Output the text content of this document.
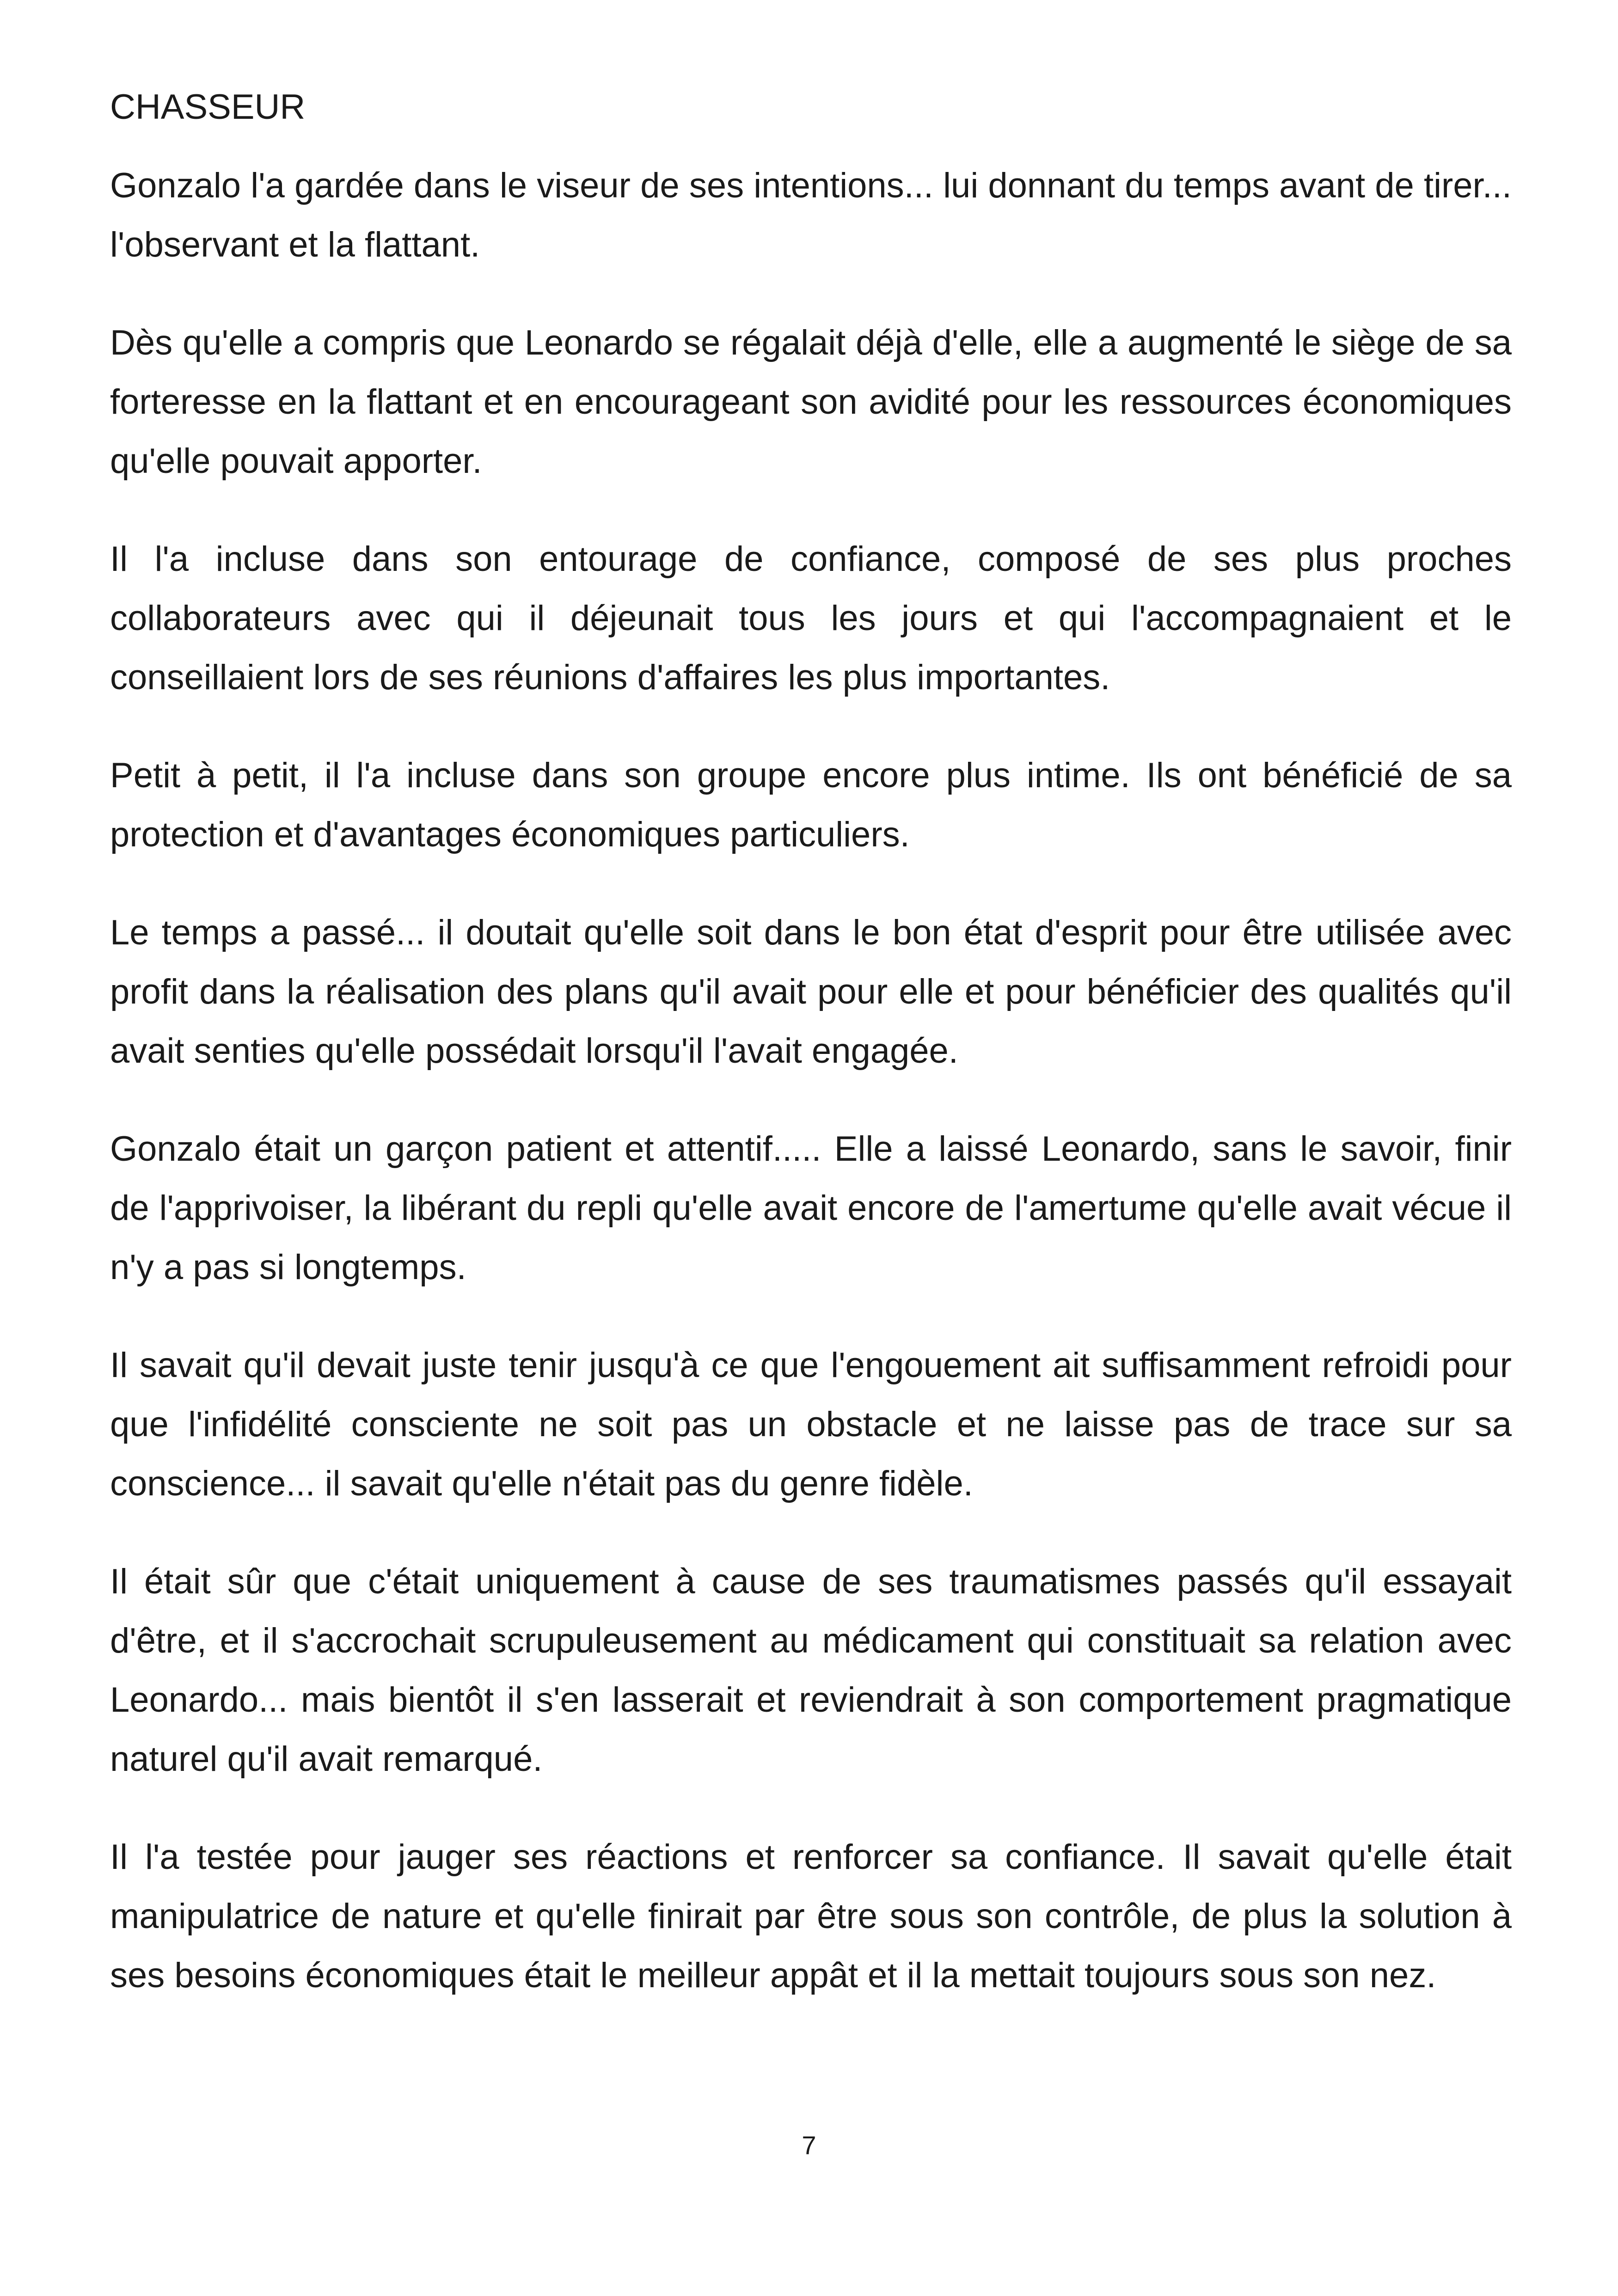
CHASSEUR

Gonzalo l'a gardée dans le viseur de ses intentions... lui donnant du temps avant de tirer... l'observant et la flattant.

Dès qu'elle a compris que Leonardo se régalait déjà d'elle, elle a augmenté le siège de sa forteresse en la flattant et en encourageant son avidité pour les ressources économiques qu'elle pouvait apporter.

Il l'a incluse dans son entourage de confiance, composé de ses plus proches collaborateurs avec qui il déjeunait tous les jours et qui l'accompagnaient et le conseillaient lors de ses réunions d'affaires les plus importantes.

Petit à petit, il l'a incluse dans son groupe encore plus intime. Ils ont bénéficié de sa protection et d'avantages économiques particuliers.

Le temps a passé... il doutait qu'elle soit dans le bon état d'esprit pour être utilisée avec profit dans la réalisation des plans qu'il avait pour elle et pour bénéficier des qualités qu'il avait senties qu'elle possédait lorsqu'il l'avait engagée.

Gonzalo était un garçon patient et attentif..... Elle a laissé Leonardo, sans le savoir, finir de l'apprivoiser, la libérant du repli qu'elle avait encore de l'amertume qu'elle avait vécue il n'y a pas si longtemps.

Il savait qu'il devait juste tenir jusqu'à ce que l'engouement ait suffisamment refroidi pour que l'infidélité consciente ne soit pas un obstacle et ne laisse pas de trace sur sa conscience... il savait qu'elle n'était pas du genre fidèle.

Il était sûr que c'était uniquement à cause de ses traumatismes passés qu'il essayait d'être, et il s'accrochait scrupuleusement au médicament qui constituait sa relation avec Leonardo... mais bientôt il s'en lasserait et reviendrait à son comportement pragmatique naturel qu'il avait remarqué.

Il l'a testée pour jauger ses réactions et renforcer sa confiance. Il savait qu'elle était manipulatrice de nature et qu'elle finirait par être sous son contrôle, de plus la solution à ses besoins économiques était le meilleur appât et il la mettait toujours sous son nez.

7
